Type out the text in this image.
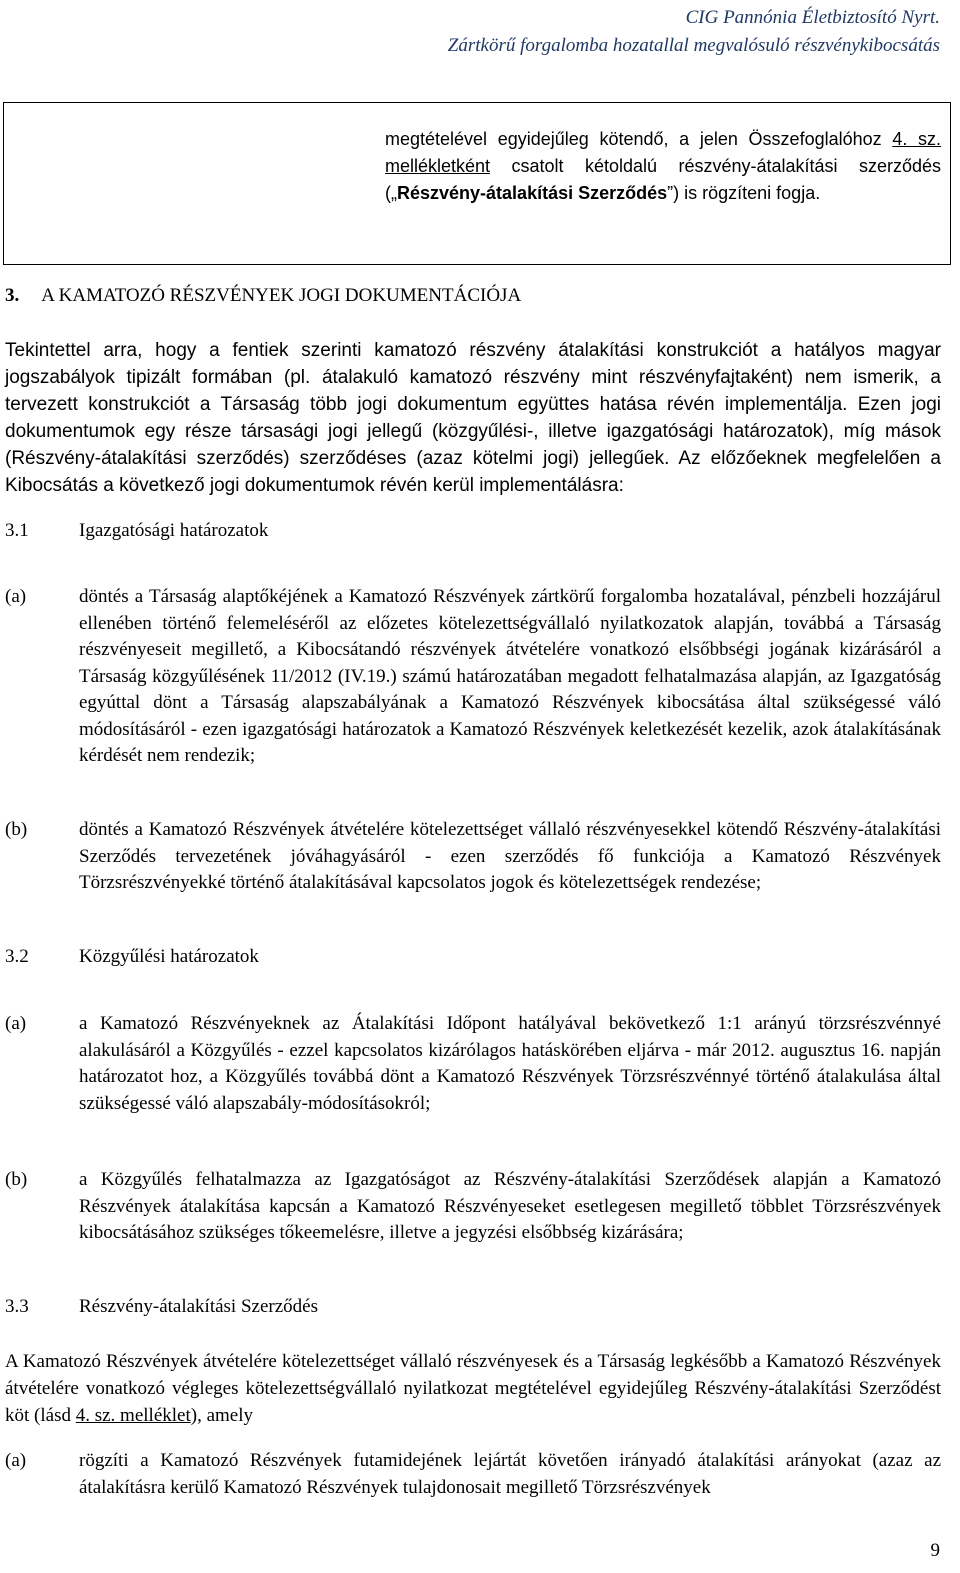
CIG Pannónia Életbiztosító Nyrt.
Zártkörű forgalomba hozatallal megvalósuló részvénykibocsátás

megtételével egyidejűleg kötendő, a jelen Összefoglalóhoz 4. sz. mellékletként csatolt kétoldalú részvény-átalakítási szerződés („Részvény-átalakítási Szerződés”) is rögzíteni fogja.

3. A KAMATOZÓ RÉSZVÉNYEK JOGI DOKUMENTÁCIÓJA

Tekintettel arra, hogy a fentiek szerinti kamatozó részvény átalakítási konstrukciót a hatályos magyar jogszabályok tipizált formában (pl. átalakuló kamatozó részvény mint részvényfajtaként) nem ismerik, a tervezett konstrukciót a Társaság több jogi dokumentum együttes hatása révén implementálja. Ezen jogi dokumentumok egy része társasági jogi jellegű (közgyűlési-, illetve igazgatósági határozatok), míg mások (Részvény-átalakítási szerződés) szerződéses (azaz kötelmi jogi) jellegűek. Az előzőeknek megfelelően a Kibocsátás a következő jogi dokumentumok révén kerül implementálásra:

3.1	Igazgatósági határozatok
(a)	döntés a Társaság alaptőkéjének a Kamatozó Részvények zártkörű forgalomba hozatalával, pénzbeli hozzájárul ellenében történő felemeléséről az előzetes kötelezettségvállaló nyilatkozatok alapján, továbbá a Társaság részvényeseit megillető, a Kibocsátandó részvények átvételére vonatkozó elsőbbségi jogának kizárásáról a Társaság közgyűlésének 11/2012 (IV.19.) számú határozatában megadott felhatalmazása alapján, az Igazgatóság egyúttal dönt a Társaság alapszabályának a Kamatozó Részvények kibocsátása által szükségessé váló módosításáról - ezen igazgatósági határozatok a Kamatozó Részvények keletkezését kezelik, azok átalakításának kérdését nem rendezik;

(b)	döntés a Kamatozó Részvények átvételére kötelezettséget vállaló részvényesekkel kötendő Részvény-átalakítási Szerződés tervezetének jóváhagyásáról - ezen szerződés fő funkciója a Kamatozó Részvények Törzsrészvényekké történő átalakításával kapcsolatos jogok és kötelezettségek rendezése;

3.2	Közgyűlési határozatok
(a)	a Kamatozó Részvényeknek az Átalakítási Időpont hatályával bekövetkező 1:1 arányú törzsrészvénnyé alakulásáról a Közgyűlés - ezzel kapcsolatos kizárólagos hatáskörében eljárva - már 2012. augusztus 16. napján határozatot hoz, a Közgyűlés továbbá dönt a Kamatozó Részvények Törzsrészvénnyé történő átalakulása által szükségessé váló alapszabály-módosításokról;

(b)	a Közgyűlés felhatalmazza az Igazgatóságot az Részvény-átalakítási Szerződések alapján a Kamatozó Részvények átalakítása kapcsán a Kamatozó Részvényeseket esetlegesen megillető többlet Törzsrészvények kibocsátásához szükséges tőkeemelésre, illetve a jegyzési elsőbbség kizárására;

3.3	Részvény-átalakítási Szerződés

A Kamatozó Részvények átvételére kötelezettséget vállaló részvényesek és a Társaság legkésőbb a Kamatozó Részvények átvételére vonatkozó végleges kötelezettségvállaló nyilatkozat megtételével egyidejűleg Részvény-átalakítási Szerződést köt (lásd 4. sz. melléklet), amely

(a)	rögzíti a Kamatozó Részvények futamidejének lejártát követően irányadó átalakítási arányokat (azaz az átalakításra kerülő Kamatozó Részvények tulajdonosait megillető Törzsrészvények

9
